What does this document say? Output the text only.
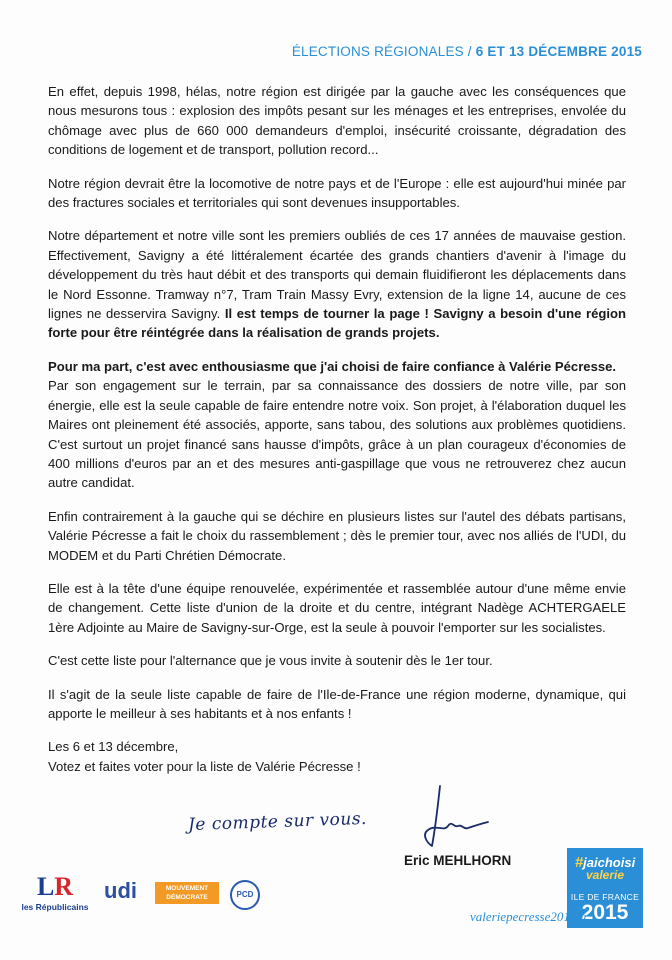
ÉLECTIONS RÉGIONALES / 6 ET 13 DÉCEMBRE 2015

En effet, depuis 1998, hélas, notre région est dirigée par la gauche avec les conséquences que nous mesurons tous : explosion des impôts pesant sur les ménages et les entreprises, envolée du chômage avec plus de 660 000 demandeurs d'emploi, insécurité croissante, dégradation des conditions de logement et de transport, pollution record...

Notre région devrait être la locomotive de notre pays et de l'Europe : elle est aujourd'hui minée par des fractures sociales et territoriales qui sont devenues insupportables.

Notre département et notre ville sont les premiers oubliés de ces 17 années de mauvaise gestion. Effectivement, Savigny a été littéralement écartée des grands chantiers d'avenir à l'image du développement du très haut débit et des transports qui demain fluidifieront les déplacements dans le Nord Essonne. Tramway n°7, Tram Train Massy Evry, extension de la ligne 14, aucune de ces lignes ne desservira Savigny. Il est temps de tourner la page ! Savigny a besoin d'une région forte pour être réintégrée dans la réalisation de grands projets.

Pour ma part, c'est avec enthousiasme que j'ai choisi de faire confiance à Valérie Pécresse.

Par son engagement sur le terrain, par sa connaissance des dossiers de notre ville, par son énergie, elle est la seule capable de faire entendre notre voix. Son projet, à l'élaboration duquel les Maires ont pleinement été associés, apporte, sans tabou, des solutions aux problèmes quotidiens. C'est surtout un projet financé sans hausse d'impôts, grâce à un plan courageux d'économies de 400 millions d'euros par an et des mesures anti-gaspillage que vous ne retrouverez chez aucun autre candidat.

Enfin contrairement à la gauche qui se déchire en plusieurs listes sur l'autel des débats partisans, Valérie Pécresse a fait le choix du rassemblement ; dès le premier tour, avec nos alliés de l'UDI, du MODEM et du Parti Chrétien Démocrate.

Elle est à la tête d'une équipe renouvelée, expérimentée et rassemblée autour d'une même envie de changement. Cette liste d'union de la droite et du centre, intégrant Nadège ACHTERGAELE 1ère Adjointe au Maire de Savigny-sur-Orge, est la seule à pouvoir l'emporter sur les socialistes.

C'est cette liste pour l'alternance que je vous invite à soutenir dès le 1er tour.

Il s'agit de la seule liste capable de faire de l'Ile-de-France une région moderne, dynamique, qui apporte le meilleur à ses habitants et à nos enfants !

Les 6 et 13 décembre,

Votez et faites voter pour la liste de Valérie Pécresse !

Je compte sur vous.
Eric MEHLHORN
LR
les Républicains
udi	MOUVEMENT
DÉMOCRATE	PCD
#jaichoisi
valerie
ILE DE FRANCE
2015
valeriepecresse2015.fr
